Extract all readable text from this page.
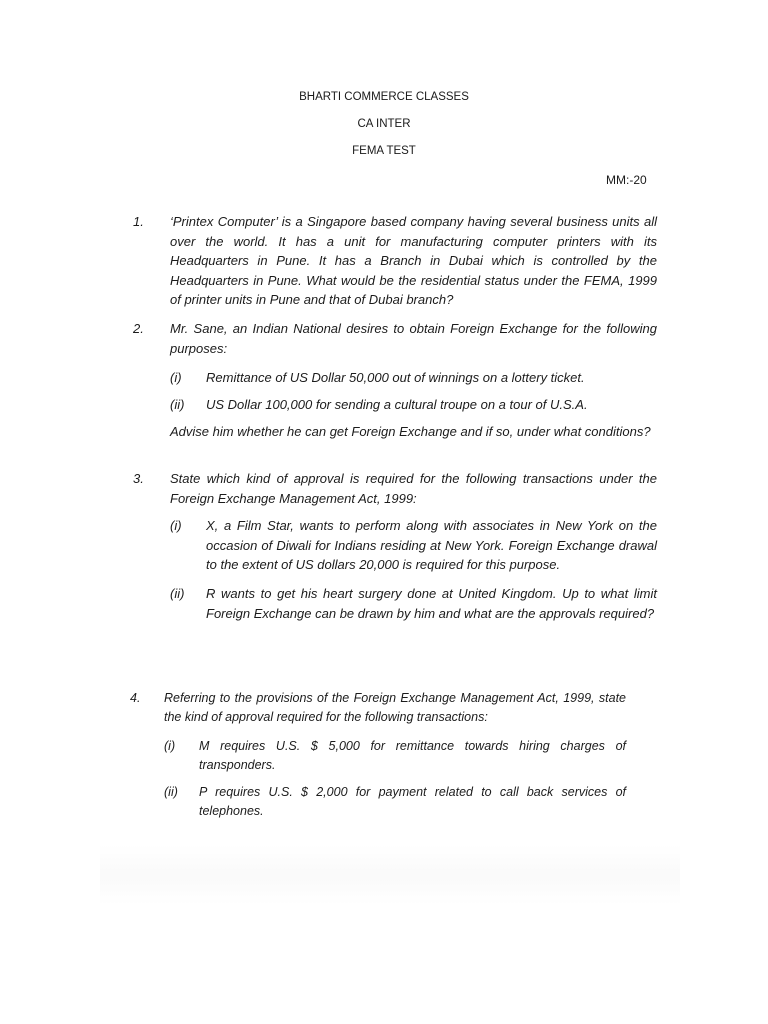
BHARTI COMMERCE CLASSES
CA INTER
FEMA TEST
MM:-20
1. ‘Printex Computer’ is a Singapore based company having several business units all over the world. It has a unit for manufacturing computer printers with its Headquarters in Pune. It has a Branch in Dubai which is controlled by the Headquarters in Pune. What would be the residential status under the FEMA, 1999 of printer units in Pune and that of Dubai branch?
2. Mr. Sane, an Indian National desires to obtain Foreign Exchange for the following purposes:
(i) Remittance of US Dollar 50,000 out of winnings on a lottery ticket.
(ii) US Dollar 100,000 for sending a cultural troupe on a tour of U.S.A.
Advise him whether he can get Foreign Exchange and if so, under what conditions?
3. State which kind of approval is required for the following transactions under the Foreign Exchange Management Act, 1999:
(i) X, a Film Star, wants to perform along with associates in New York on the occasion of Diwali for Indians residing at New York. Foreign Exchange drawal to the extent of US dollars 20,000 is required for this purpose.
(ii) R wants to get his heart surgery done at United Kingdom. Up to what limit Foreign Exchange can be drawn by him and what are the approvals required?
4. Referring to the provisions of the Foreign Exchange Management Act, 1999, state the kind of approval required for the following transactions:
(i) M requires U.S. $ 5,000 for remittance towards hiring charges of transponders.
(ii) P requires U.S. $ 2,000 for payment related to call back services of telephones.
